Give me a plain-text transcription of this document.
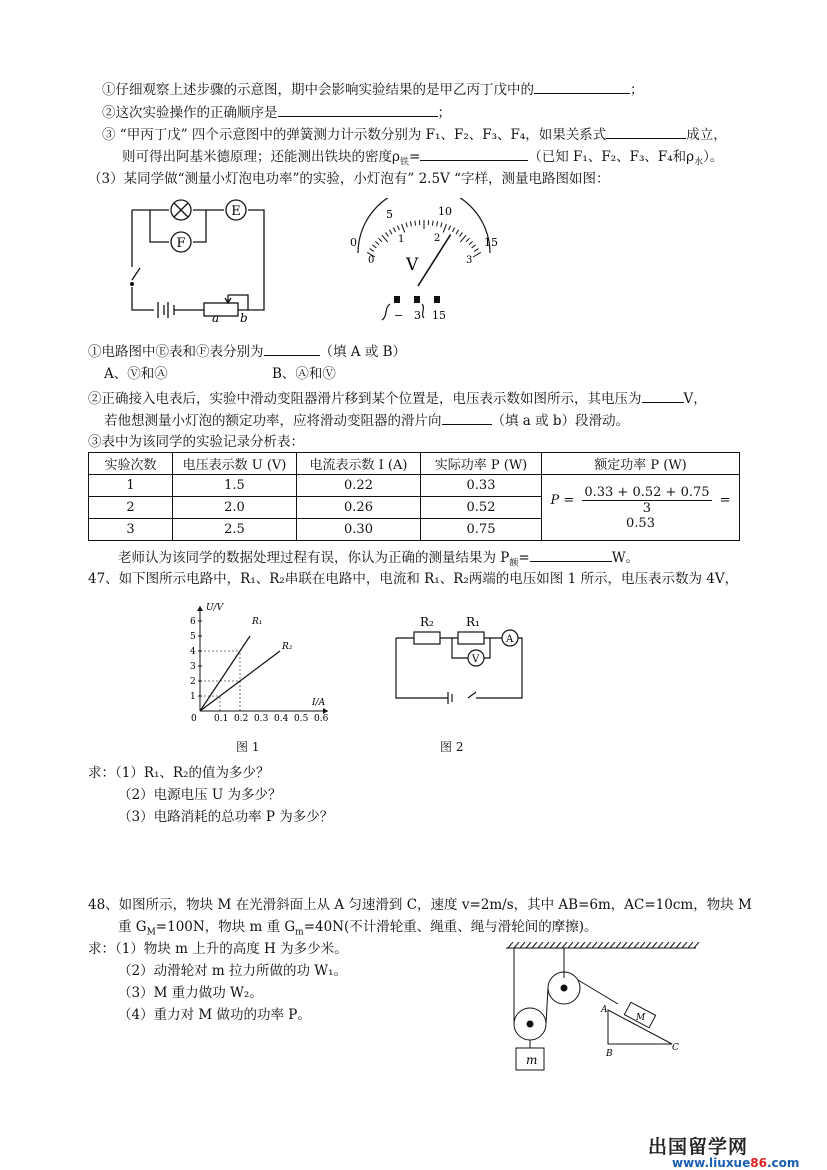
①仔细观察上述步骤的示意图，期中会影响实验结果的是甲乙丙丁戊中的	；
②这次实验操作的正确顺序是	；
③ “甲丙丁戊” 四个示意图中的弹簧测力计示数分别为 F₁、F₂、F₃、F₄，如果关系式	成立，
则可得出阿基米德原理；还能测出铁块的密度$\rho_铁=$	（已知 F₁、F₂、F₃、F₄和$\rho_水$）。
（3）某同学做“测量小灯泡电功率”的实验，小灯泡有” 2.5V “字样，测量电路图如图：
E
F
a b
0
5	10
15
0
1	2
3
V
− 3 15
①电路图中Ⓔ表和Ⓕ表分别为	（填 A 或 B）
A、Ⓥ和Ⓐ	B、Ⓐ和Ⓥ
②正确接入电表后，实验中滑动变阻器滑片移到某个位置是，电压表示数如图所示，其电压为	V，
若他想测量小灯泡的额定功率，应将滑动变阻器的滑片向	（填 a 或 b）段滑动。
③表中为该同学的实验记录分析表：
实验次数	电压表示数 U (V)	电流表示数 I (A)	实际功率 P (W)	额定功率 P (W)
1	1.5	0.22	0.33	$P = \frac{0.33 + 0.52 + 0.75}{3} = 0.53$
2	2.0	0.26	0.52	
3	2.5	0.30	0.75	
老师认为该同学的数据处理过程有误，你认为正确的测量结果为 $P_额=$	W。
47、如下图所示电路中，R₁、R₂串联在电路中，电流和 R₁、R₂两端的电压如图 1 所示，电压表示数为 4V，
1
2
3
4
5
6
0 0.1 0.2 0.3 0.4 0.5 0.6
R₁
R₂
U/V
I/A
图 1
R₂	R₁
A
V
图 2
求：（1）R₁、R₂的值为多少？
（2）电源电压 U 为多少？
（3）电路消耗的总功率 P 为多少？
48、如图所示，物块 M 在光滑斜面上从 A 匀速滑到 C，速度 v=2m/s，其中 AB=6m，AC=10cm，物块 M
重 $G_M=100N$，物块 m 重 $G_m=40N$(不计滑轮重、绳重、绳与滑轮间的摩擦)。
求：（1）物块 m 上升的高度 H 为多少米。
（2）动滑轮对 m 拉力所做的功 W₁。
（3）M 重力做功 W₂。
（4）重力对 M 做功的功率 P。
m
M
A
B
C
出国留学网
www.liuxue86.com
